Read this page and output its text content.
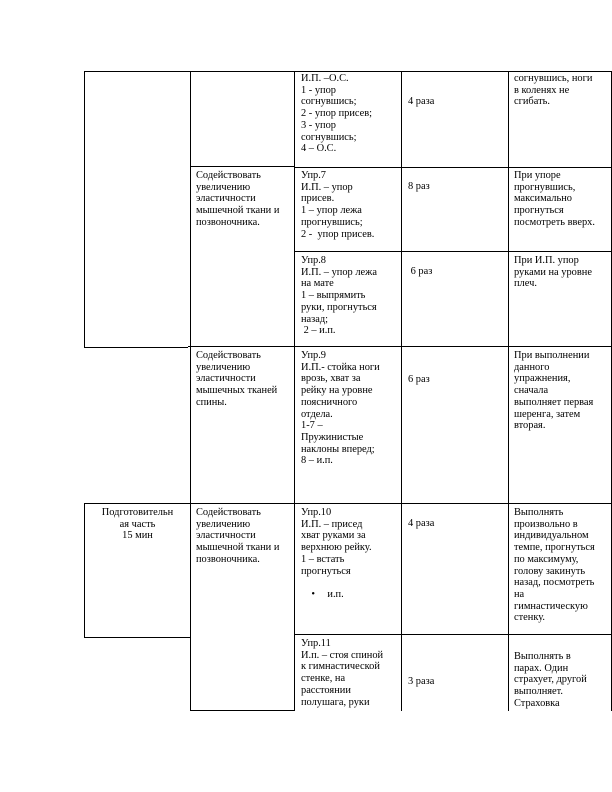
И.П. –О.С.
1 - упор
согнувшись;
2 - упор присев;
3 - упор
согнувшись;
4 – О.С.
4 раза
согнувшись, ноги
в коленях не
сгибать.
Содействовать
увеличению
эластичности
мышечной ткани и
позвоночника.
Упр.7
И.П. – упор
присев.
1 – упор лежа
прогнувшись;
2 -  упор присев.
8 раз
При упоре
прогнувшись,
максимально
прогнуться
посмотреть вверх.
Упр.8
И.П. – упор лежа
на мате
1 – выпрямить
руки, прогнуться
назад;
2 – и.п.
6 раз
При И.П. упор
руками на уровне
плеч.
Содействовать
увеличению
эластичности
мышечных тканей
спины.
Упр.9
И.П.- стойка ноги
врозь, хват за
рейку на уровне
поясничного
отдела.
1-7 –
Пружинистые
наклоны вперед;
8 – и.п.
6 раз
При выполнении
данного
упражнения,
сначала
выполняет первая
шеренга, затем
вторая.
Подготовительн
ая часть
15 мин
Содействовать
увеличению
эластичности
мышечной ткани и
позвоночника.
Упр.10
И.П. – присед
хват руками за
верхнюю рейку.
1 – встать
прогнуться

• и.п.

4 раза
Выполнять
произвольно в
индивидуальном
темпе, прогнуться
по максимуму,
голову закинуть
назад, посмотреть
на
гимнастическую
стенку.
Упр.11
И.п. – стоя спиной
к гимнастической
стенке, на
расстоянии
полушага, руки
3 раза
Выполнять в
парах. Один
страхует, другой
выполняет.
Страховка
